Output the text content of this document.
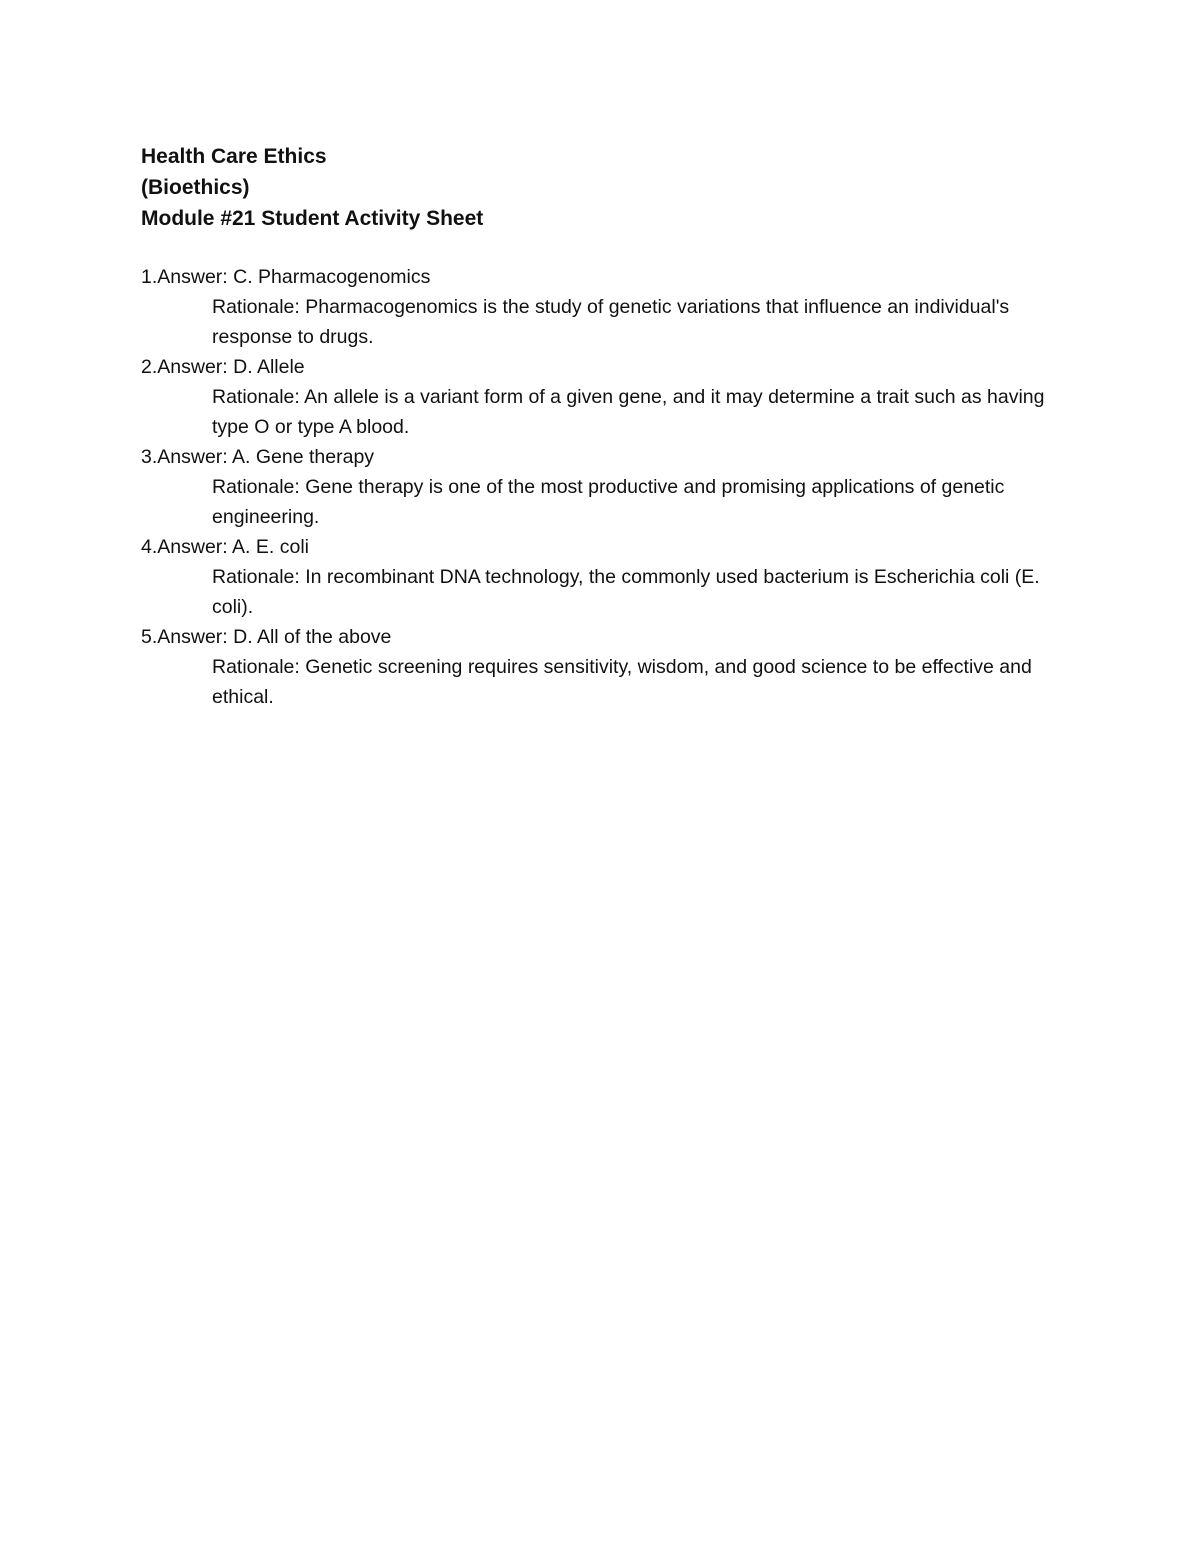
Health Care Ethics
(Bioethics)
Module #21 Student Activity Sheet
1.Answer: C. Pharmacogenomics
Rationale: Pharmacogenomics is the study of genetic variations that influence an individual's response to drugs.
2.Answer: D. Allele
Rationale: An allele is a variant form of a given gene, and it may determine a trait such as having type O or type A blood.
3.Answer: A. Gene therapy
Rationale: Gene therapy is one of the most productive and promising applications of genetic engineering.
4.Answer: A. E. coli
Rationale: In recombinant DNA technology, the commonly used bacterium is Escherichia coli (E. coli).
5.Answer: D. All of the above
Rationale: Genetic screening requires sensitivity, wisdom, and good science to be effective and ethical.
